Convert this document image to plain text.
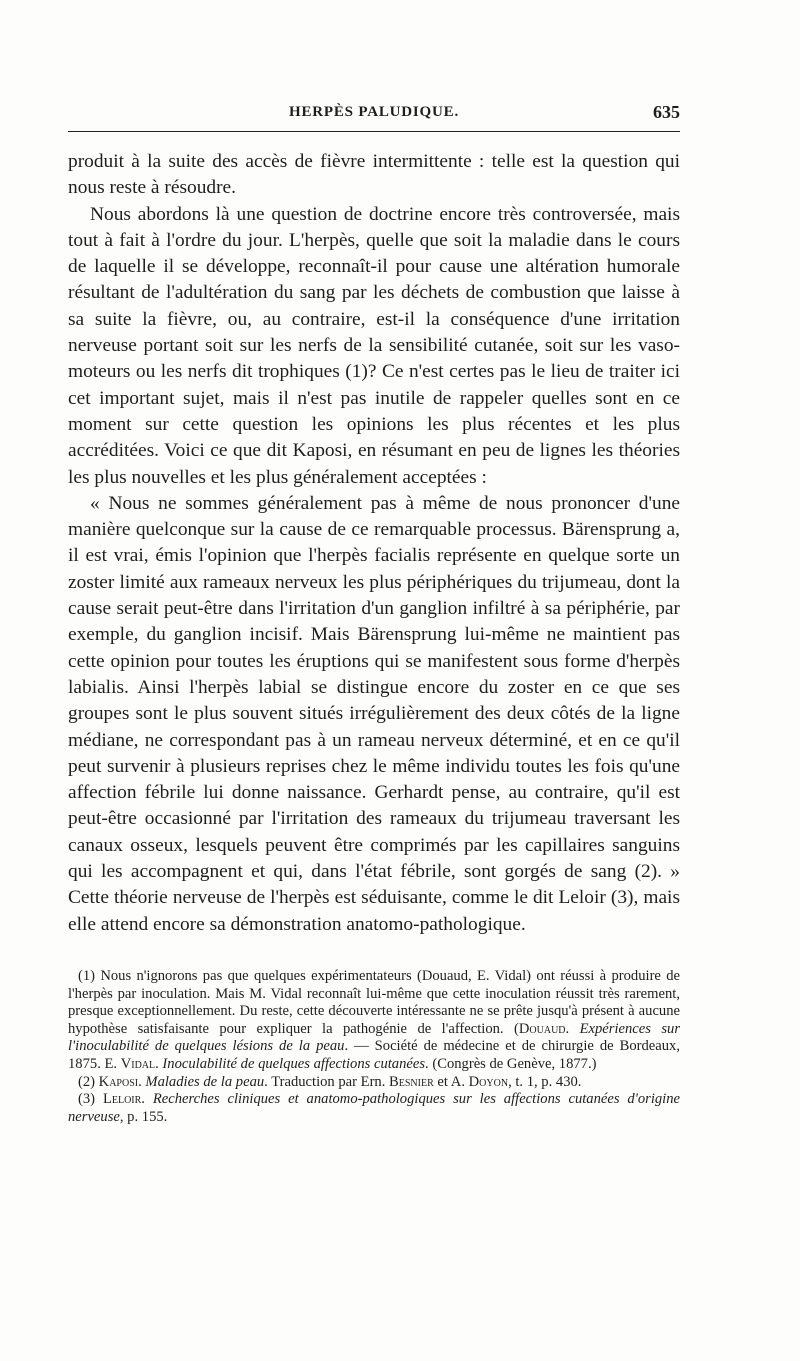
HERPÈS PALUDIQUE.	635

produit à la suite des accès de fièvre intermittente : telle est la question qui nous reste à résoudre.

Nous abordons là une question de doctrine encore très controversée, mais tout à fait à l'ordre du jour. L'herpès, quelle que soit la maladie dans le cours de laquelle il se développe, reconnaît-il pour cause une altération humorale résultant de l'adultération du sang par les déchets de combustion que laisse à sa suite la fièvre, ou, au contraire, est-il la conséquence d'une irritation nerveuse portant soit sur les nerfs de la sensibilité cutanée, soit sur les vaso-moteurs ou les nerfs dit trophiques (1)? Ce n'est certes pas le lieu de traiter ici cet important sujet, mais il n'est pas inutile de rappeler quelles sont en ce moment sur cette question les opinions les plus récentes et les plus accréditées. Voici ce que dit Kaposi, en résumant en peu de lignes les théories les plus nouvelles et les plus généralement acceptées :

« Nous ne sommes généralement pas à même de nous prononcer d'une manière quelconque sur la cause de ce remarquable processus. Bärensprung a, il est vrai, émis l'opinion que l'herpès facialis représente en quelque sorte un zoster limité aux rameaux nerveux les plus périphériques du trijumeau, dont la cause serait peut-être dans l'irritation d'un ganglion infiltré à sa périphérie, par exemple, du ganglion incisif. Mais Bärensprung lui-même ne maintient pas cette opinion pour toutes les éruptions qui se manifestent sous forme d'herpès labialis. Ainsi l'herpès labial se distingue encore du zoster en ce que ses groupes sont le plus souvent situés irrégulièrement des deux côtés de la ligne médiane, ne correspondant pas à un rameau nerveux déterminé, et en ce qu'il peut survenir à plusieurs reprises chez le même individu toutes les fois qu'une affection fébrile lui donne naissance. Gerhardt pense, au contraire, qu'il est peut-être occasionné par l'irritation des rameaux du trijumeau traversant les canaux osseux, lesquels peuvent être comprimés par les capillaires sanguins qui les accompagnent et qui, dans l'état fébrile, sont gorgés de sang (2). » Cette théorie nerveuse de l'herpès est séduisante, comme le dit Leloir (3), mais elle attend encore sa démonstration anatomo-pathologique.

(1) Nous n'ignorons pas que quelques expérimentateurs (Douaud, E. Vidal) ont réussi à produire de l'herpès par inoculation. Mais M. Vidal reconnaît lui-même que cette inoculation réussit très rarement, presque exceptionnellement. Du reste, cette découverte intéressante ne se prête jusqu'à présent à aucune hypothèse satisfaisante pour expliquer la pathogénie de l'affection. (Douaud. Expériences sur l'inoculabilité de quelques lésions de la peau. — Société de médecine et de chirurgie de Bordeaux, 1875. E. Vidal. Inoculabilité de quelques affections cutanées. (Congrès de Genève, 1877.)

(2) Kaposi. Maladies de la peau. Traduction par Ern. Besnier et A. Doyon, t. 1, p. 430.

(3) Leloir. Recherches cliniques et anatomo-pathologiques sur les affections cutanées d'origine nerveuse, p. 155.
